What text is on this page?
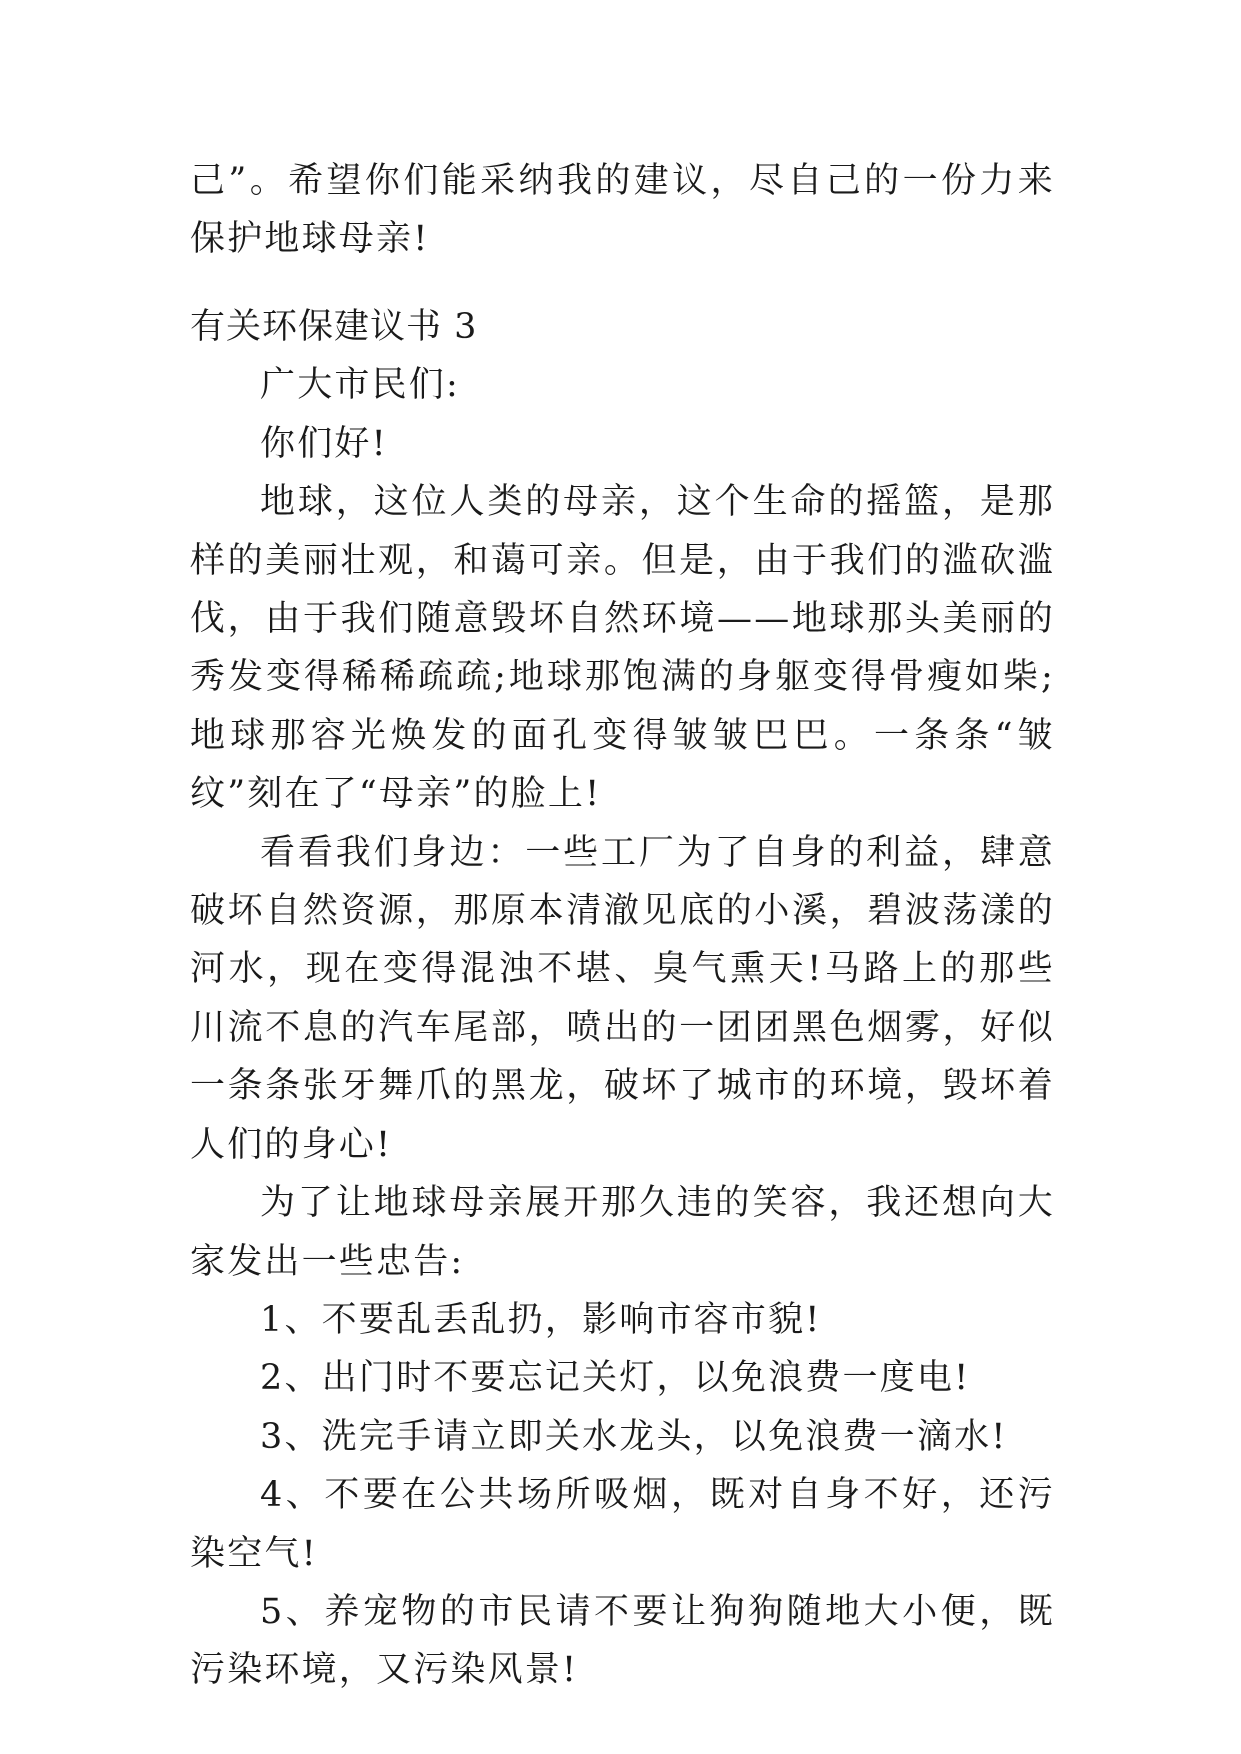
己”。希望你们能采纳我的建议，尽自己的一份力来保护地球母亲!

有关环保建议书 3

广大市民们:

你们好!

地球，这位人类的母亲，这个生命的摇篮，是那样的美丽壮观，和蔼可亲。但是，由于我们的滥砍滥伐，由于我们随意毁坏自然环境——地球那头美丽的秀发变得稀稀疏疏;地球那饱满的身躯变得骨瘦如柴;地球那容光焕发的面孔变得皱皱巴巴。一条条“皱纹”刻在了“母亲”的脸上!

看看我们身边：一些工厂为了自身的利益，肆意破坏自然资源，那原本清澈见底的小溪，碧波荡漾的河水，现在变得混浊不堪、臭气熏天!马路上的那些川流不息的汽车尾部，喷出的一团团黑色烟雾，好似一条条张牙舞爪的黑龙，破坏了城市的环境，毁坏着人们的身心!

为了让地球母亲展开那久违的笑容，我还想向大家发出一些忠告:

1、不要乱丢乱扔，影响市容市貌!

2、出门时不要忘记关灯，以免浪费一度电!

3、洗完手请立即关水龙头，以免浪费一滴水!

4、不要在公共场所吸烟，既对自身不好，还污染空气!

5、养宠物的市民请不要让狗狗随地大小便，既污染环境，又污染风景!
